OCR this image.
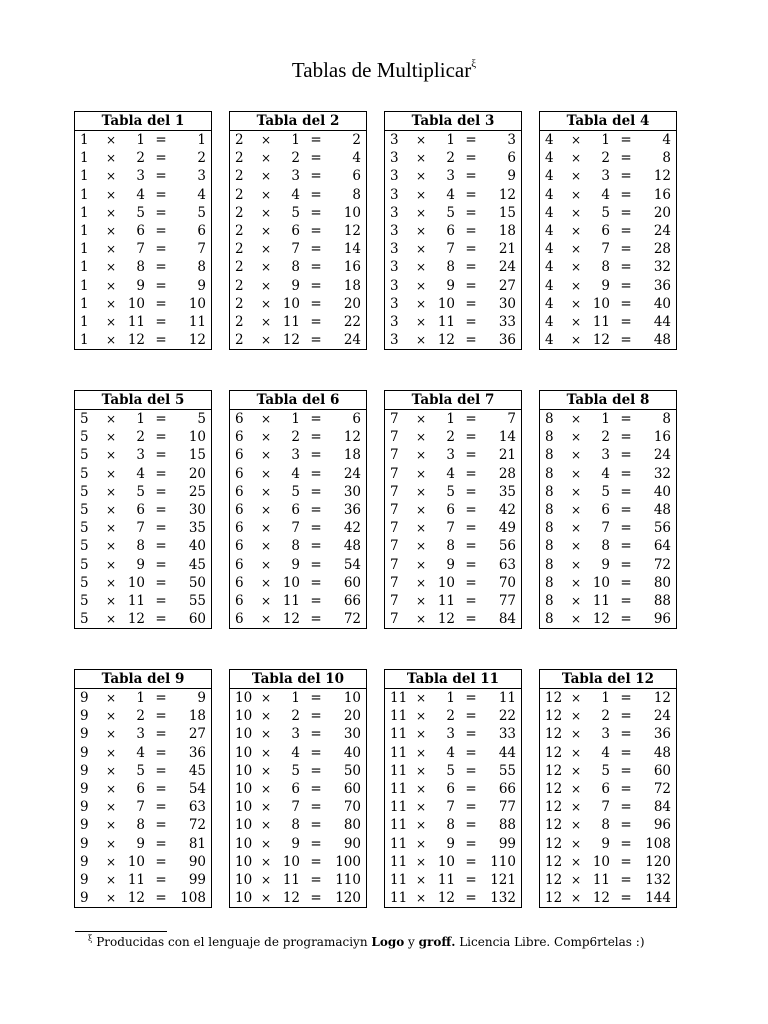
Tablas de Multiplicar$^\xi$
Tabla del 1
1 ×	1 = 1
1 ×	2 = 2
1 ×	3 = 3
1 ×	4 = 4
1 ×	5 = 5
1 ×	6 = 6
1 ×	7 = 7
1 ×	8 = 8
1 ×	9 = 9
1 × 10 = 10
1 × 11 = 11
1 × 12 = 12
Tabla del 2
2 ×	1 = 2
2 ×	2 = 4
2 ×	3 = 6
2 ×	4 = 8
2 ×	5 = 10
2 ×	6 = 12
2 ×	7 = 14
2 ×	8 = 16
2 ×	9 = 18
2 × 10 = 20
2 × 11 = 22
2 × 12 = 24
Tabla del 3
3 ×	1 = 3
3 ×	2 = 6
3 ×	3 = 9
3 ×	4 = 12
3 ×	5 = 15
3 ×	6 = 18
3 ×	7 = 21
3 ×	8 = 24
3 ×	9 = 27
3 × 10 = 30
3 × 11 = 33
3 × 12 = 36
Tabla del 4
4 ×	1 = 4
4 ×	2 = 8
4 ×	3 = 12
4 ×	4 = 16
4 ×	5 = 20
4 ×	6 = 24
4 ×	7 = 28
4 ×	8 = 32
4 ×	9 = 36
4 × 10 = 40
4 × 11 = 44
4 × 12 = 48
Tabla del 5
5 ×	1 = 5
5 ×	2 = 10
5 ×	3 = 15
5 ×	4 = 20
5 ×	5 = 25
5 ×	6 = 30
5 ×	7 = 35
5 ×	8 = 40
5 ×	9 = 45
5 × 10 = 50
5 × 11 = 55
5 × 12 = 60
Tabla del 6
6 ×	1 = 6
6 ×	2 = 12
6 ×	3 = 18
6 ×	4 = 24
6 ×	5 = 30
6 ×	6 = 36
6 ×	7 = 42
6 ×	8 = 48
6 ×	9 = 54
6 × 10 = 60
6 × 11 = 66
6 × 12 = 72
Tabla del 7
7 ×	1 = 7
7 ×	2 = 14
7 ×	3 = 21
7 ×	4 = 28
7 ×	5 = 35
7 ×	6 = 42
7 ×	7 = 49
7 ×	8 = 56
7 ×	9 = 63
7 × 10 = 70
7 × 11 = 77
7 × 12 = 84
Tabla del 8
8 ×	1 = 8
8 ×	2 = 16
8 ×	3 = 24
8 ×	4 = 32
8 ×	5 = 40
8 ×	6 = 48
8 ×	7 = 56
8 ×	8 = 64
8 ×	9 = 72
8 × 10 = 80
8 × 11 = 88
8 × 12 = 96
Tabla del 9
9 ×	1 = 9
9 ×	2 = 18
9 ×	3 = 27
9 ×	4 = 36
9 ×	5 = 45
9 ×	6 = 54
9 ×	7 = 63
9 ×	8 = 72
9 ×	9 = 81
9 × 10 = 90
9 × 11 = 99
9 × 12 = 108
Tabla del 10
10 ×	1 = 10
10 ×	2 = 20
10 ×	3 = 30
10 ×	4 = 40
10 ×	5 = 50
10 ×	6 = 60
10 ×	7 = 70
10 ×	8 = 80
10 ×	9 = 90
10 × 10 = 100
10 × 11 = 110
10 × 12 = 120
Tabla del 11
11 ×	1 = 11
11 ×	2 = 22
11 ×	3 = 33
11 ×	4 = 44
11 ×	5 = 55
11 ×	6 = 66
11 ×	7 = 77
11 ×	8 = 88
11 ×	9 = 99
11 × 10 = 110
11 × 11 = 121
11 × 12 = 132
Tabla del 12
12 ×	1 = 12
12 ×	2 = 24
12 ×	3 = 36
12 ×	4 = 48
12 ×	5 = 60
12 ×	6 = 72
12 ×	7 = 84
12 ×	8 = 96
12 ×	9 = 108
12 × 10 = 120
12 × 11 = 132
12 × 12 = 144
$^\xi$ Producidas con el lenguaje de programaciyn Logo y groff. Licencia Libre. Comp6rtelas :)
